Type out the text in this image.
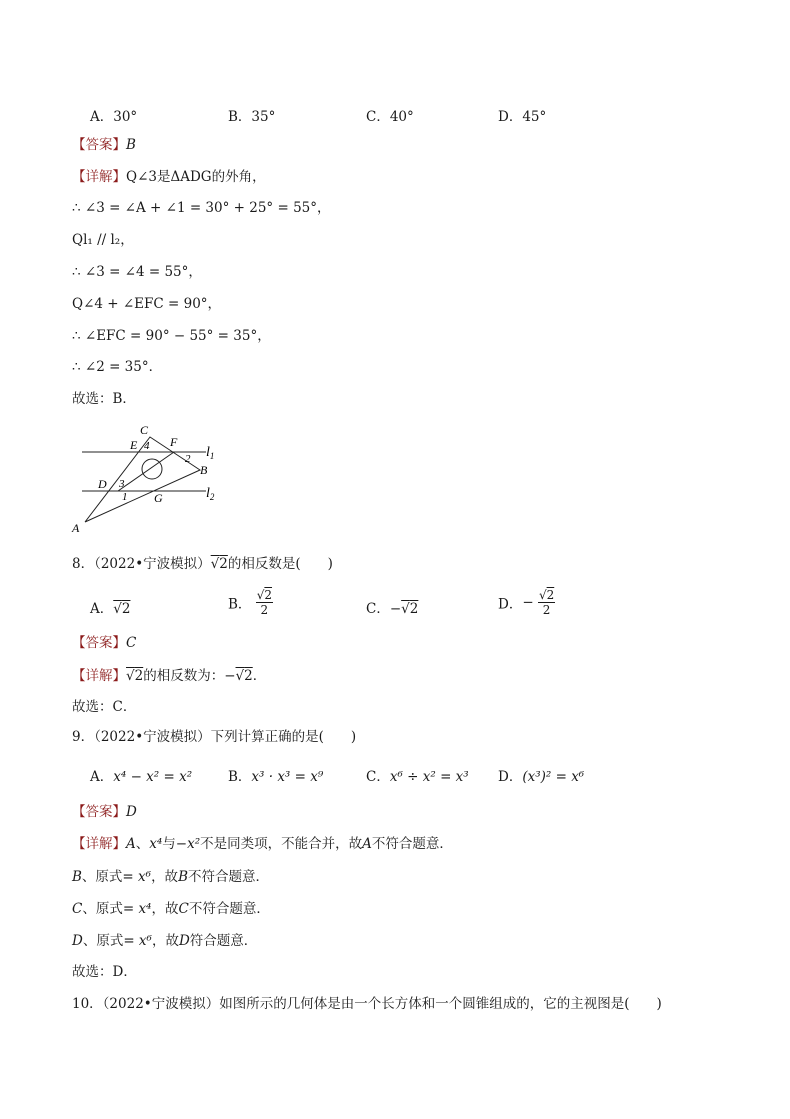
A．30°	B．35°	C．40°	D．45°
【答案】B
【详解】Q∠3是ΔADG的外角，
∴ ∠3 = ∠A + ∠1 = 30° + 25° = 55°，
Ql₁ // l₂，
∴ ∠3 = ∠4 = 55°，
Q∠4 + ∠EFC = 90°，
∴ ∠EFC = 90° − 55° = 35°，
∴ ∠2 = 35°．
故选：B．
C
E 4 F
2 $l_1$
B
D 3
1 G	$l_2$
A
8．（2022•宁波模拟）√2的相反数是(　　)
A．√2	B． $\frac{√2}{2}$	C．−√2	D．− $\frac{√2}{2}$
【答案】C
【详解】√2的相反数为：−√2．
故选：C．
9．（2022•宁波模拟）下列计算正确的是(　　)
A．x⁴ − x² = x²	B．x³ · x³ = x⁹	C．x⁶ ÷ x² = x³ D．(x³)² = x⁶
【答案】D
【详解】A、x⁴与−x²不是同类项，不能合并，故A不符合题意．
B、原式= x⁶，故B不符合题意．
C、原式= x⁴，故C不符合题意．
D、原式= x⁶，故D符合题意．
故选：D．
10．（2022•宁波模拟）如图所示的几何体是由一个长方体和一个圆锥组成的，它的主视图是(　　)
